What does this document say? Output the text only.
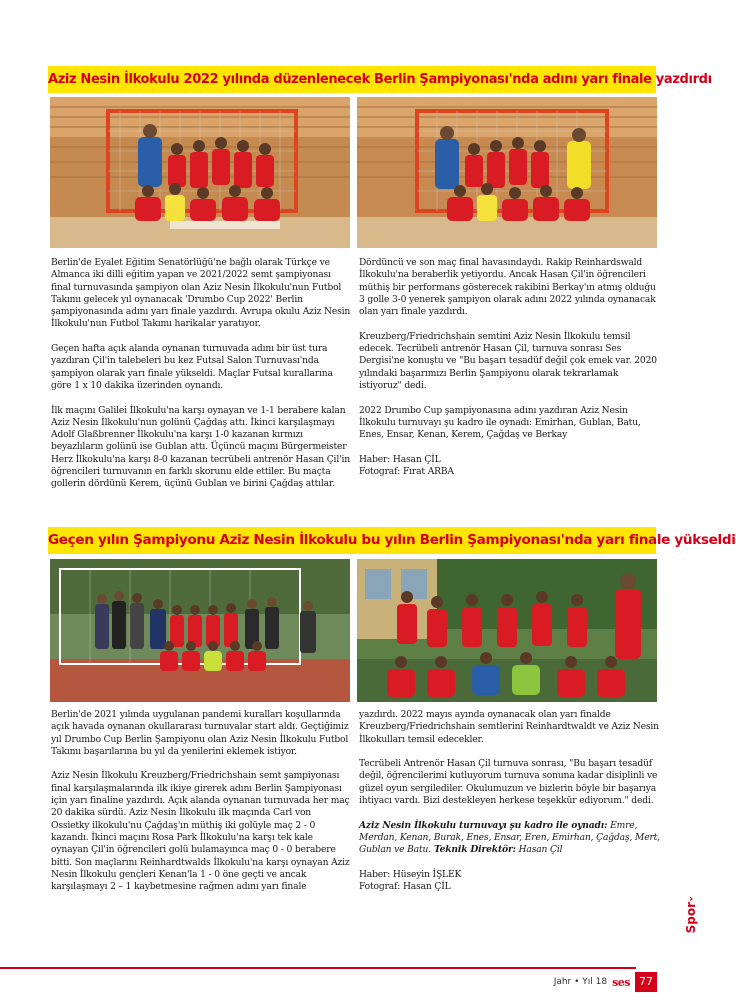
Aziz Nesin İlkokulu 2022 yılında düzenlenecek Berlin Şampiyonası'nda adını yarı finale yazdırdı

Berlin'de Eyalet Eğitim Senatörlüğü'ne bağlı olarak Türkçe ve Almanca iki dilli eğitim yapan ve 2021/2022 semt şampiyonası final turnuvasında şampiyon olan Aziz Nesin İlkokulu'nun Futbol Takımı gelecek yıl oynanacak 'Drumbo Cup 2022' Berlin şampiyonasında adını yarı finale yazdırdı. Avrupa okulu Aziz Nesin İlkokulu'nun Futbol Takımı harikalar yaratıyor.

Geçen hafta açık alanda oynanan turnuvada adını bir üst tura yazdıran Çil'in talebeleri bu kez Futsal Salon Turnuvası'nda şampiyon olarak yarı finale yükseldi. Maçlar Futsal kurallarına göre 1 x 10 dakika üzerinden oynandı.

İlk maçını Galilei İlkokulu'na karşı oynayan ve 1-1 berabere kalan Aziz Nesin İlkokulu'nun golünü Çağdaş attı. İkinci karşılaşmayı Adolf Glaßbrenner İlkokulu'na karşı 1-0 kazanan kırmızı beyazlıların golünü ise Gublan attı. Üçüncü maçını Bürgermeister Herz İlkokulu'na karşı 8-0 kazanan tecrübeli antrenör Hasan Çil'in öğrencileri turnuvanın en farklı skorunu elde ettiler. Bu maçta gollerin dördünü Kerem, üçünü Gublan ve birini Çağdaş attılar.

Dördüncü ve son maç final havasındaydı. Rakip Reinhardswald İlkokulu'na beraberlik yetiyordu. Ancak Hasan Çil'in öğrencileri müthiş bir performans gösterecek rakibini Berkay'ın atmış olduğu 3 golle 3-0 yenerek şampiyon olarak adını 2022 yılında oynanacak olan yarı finale yazdırdı.

Kreuzberg/Friedrichshain semtini Aziz Nesin İlkokulu temsil edecek. Tecrübeli antrenör Hasan Çil, turnuva sonrası Ses Dergisi'ne konuştu ve "Bu başarı tesadüf değil çok emek var. 2020 yılındaki başarımızı Berlin Şampiyonu olarak tekrarlamak istiyoruz" dedi.

2022 Drumbo Cup şampiyonasına adını yazdıran Aziz Nesin İlkokulu turnuvayı şu kadro ile oynadı: Emirhan, Gublan, Batu, Enes, Ensar, Kenan, Kerem, Çağdaş ve Berkay

Haber: Hasan ÇİL

Fotograf: Fırat ARBA

Geçen yılın Şampiyonu Aziz Nesin İlkokulu bu yılın Berlin Şampiyonası'nda yarı finale yükseldi

Berlin'de 2021 yılında uygulanan pandemi kuralları koşullarında açık havada oynanan okullararası turnuvalar start aldı. Geçtiğimiz yıl Drumbo Cup Berlin Şampiyonu olan Aziz Nesin İlkokulu Futbol Takımı başarılarına bu yıl da yenilerini eklemek istiyor.

Aziz Nesin İlkokulu Kreuzberg/Friedrichshain semt şampiyonası final karşılaşmalarında ilk ikiye girerek adını Berlin Şampiyonası için yarı finaline yazdırdı. Açık alanda oynanan turnuvada her maç 20 dakika sürdü. Aziz Nesin İlkokulu ilk maçında Carl von Ossietky ilkokulu'nu Çağdaş'ın müthiş iki golüyle maç 2 - 0 kazandı. İkinci maçını Rosa Park İlkokulu'na karşı tek kale oynayan Çil'in öğrencileri golü bulamayınca maç 0 - 0 berabere bitti. Son maçlarını Reinhardtwalds İlkokulu'na karşı oynayan Aziz Nesin İlkokulu gençleri Kenan'la 1 - 0 öne geçti ve ancak karşılaşmayı 2 – 1 kaybetmesine rağmen adını yarı finale

yazdırdı. 2022 mayıs ayında oynanacak olan yarı finalde Kreuzberg/Friedrichshain semtlerini Reinhardtwaldt ve Aziz Nesin İlkokulları temsil edecekler.

Tecrübeli Antrenör Hasan Çil turnuva sonrası, "Bu başarı tesadüf değil, öğrencilerimi kutluyorum turnuva sonuna kadar disiplinli ve güzel oyun sergilediler. Okulumuzun ve bizlerin böyle bir başarıya ihtiyacı vardı. Bizi destekleyen herkese teşekkür ediyorum." dedi.

Aziz Nesin İlkokulu turnuvayı şu kadro ile oynadı: Emre, Merdan, Kenan, Burak, Enes, Ensar, Eren, Emirhan, Çağdaş, Mert, Gublan ve Batu. Teknik Direktör: Hasan Çil

Haber: Hüseyin İŞLEK

Fotograf: Hasan ÇİL

›
Spor
Jahr • Yıl 18 ses 77
